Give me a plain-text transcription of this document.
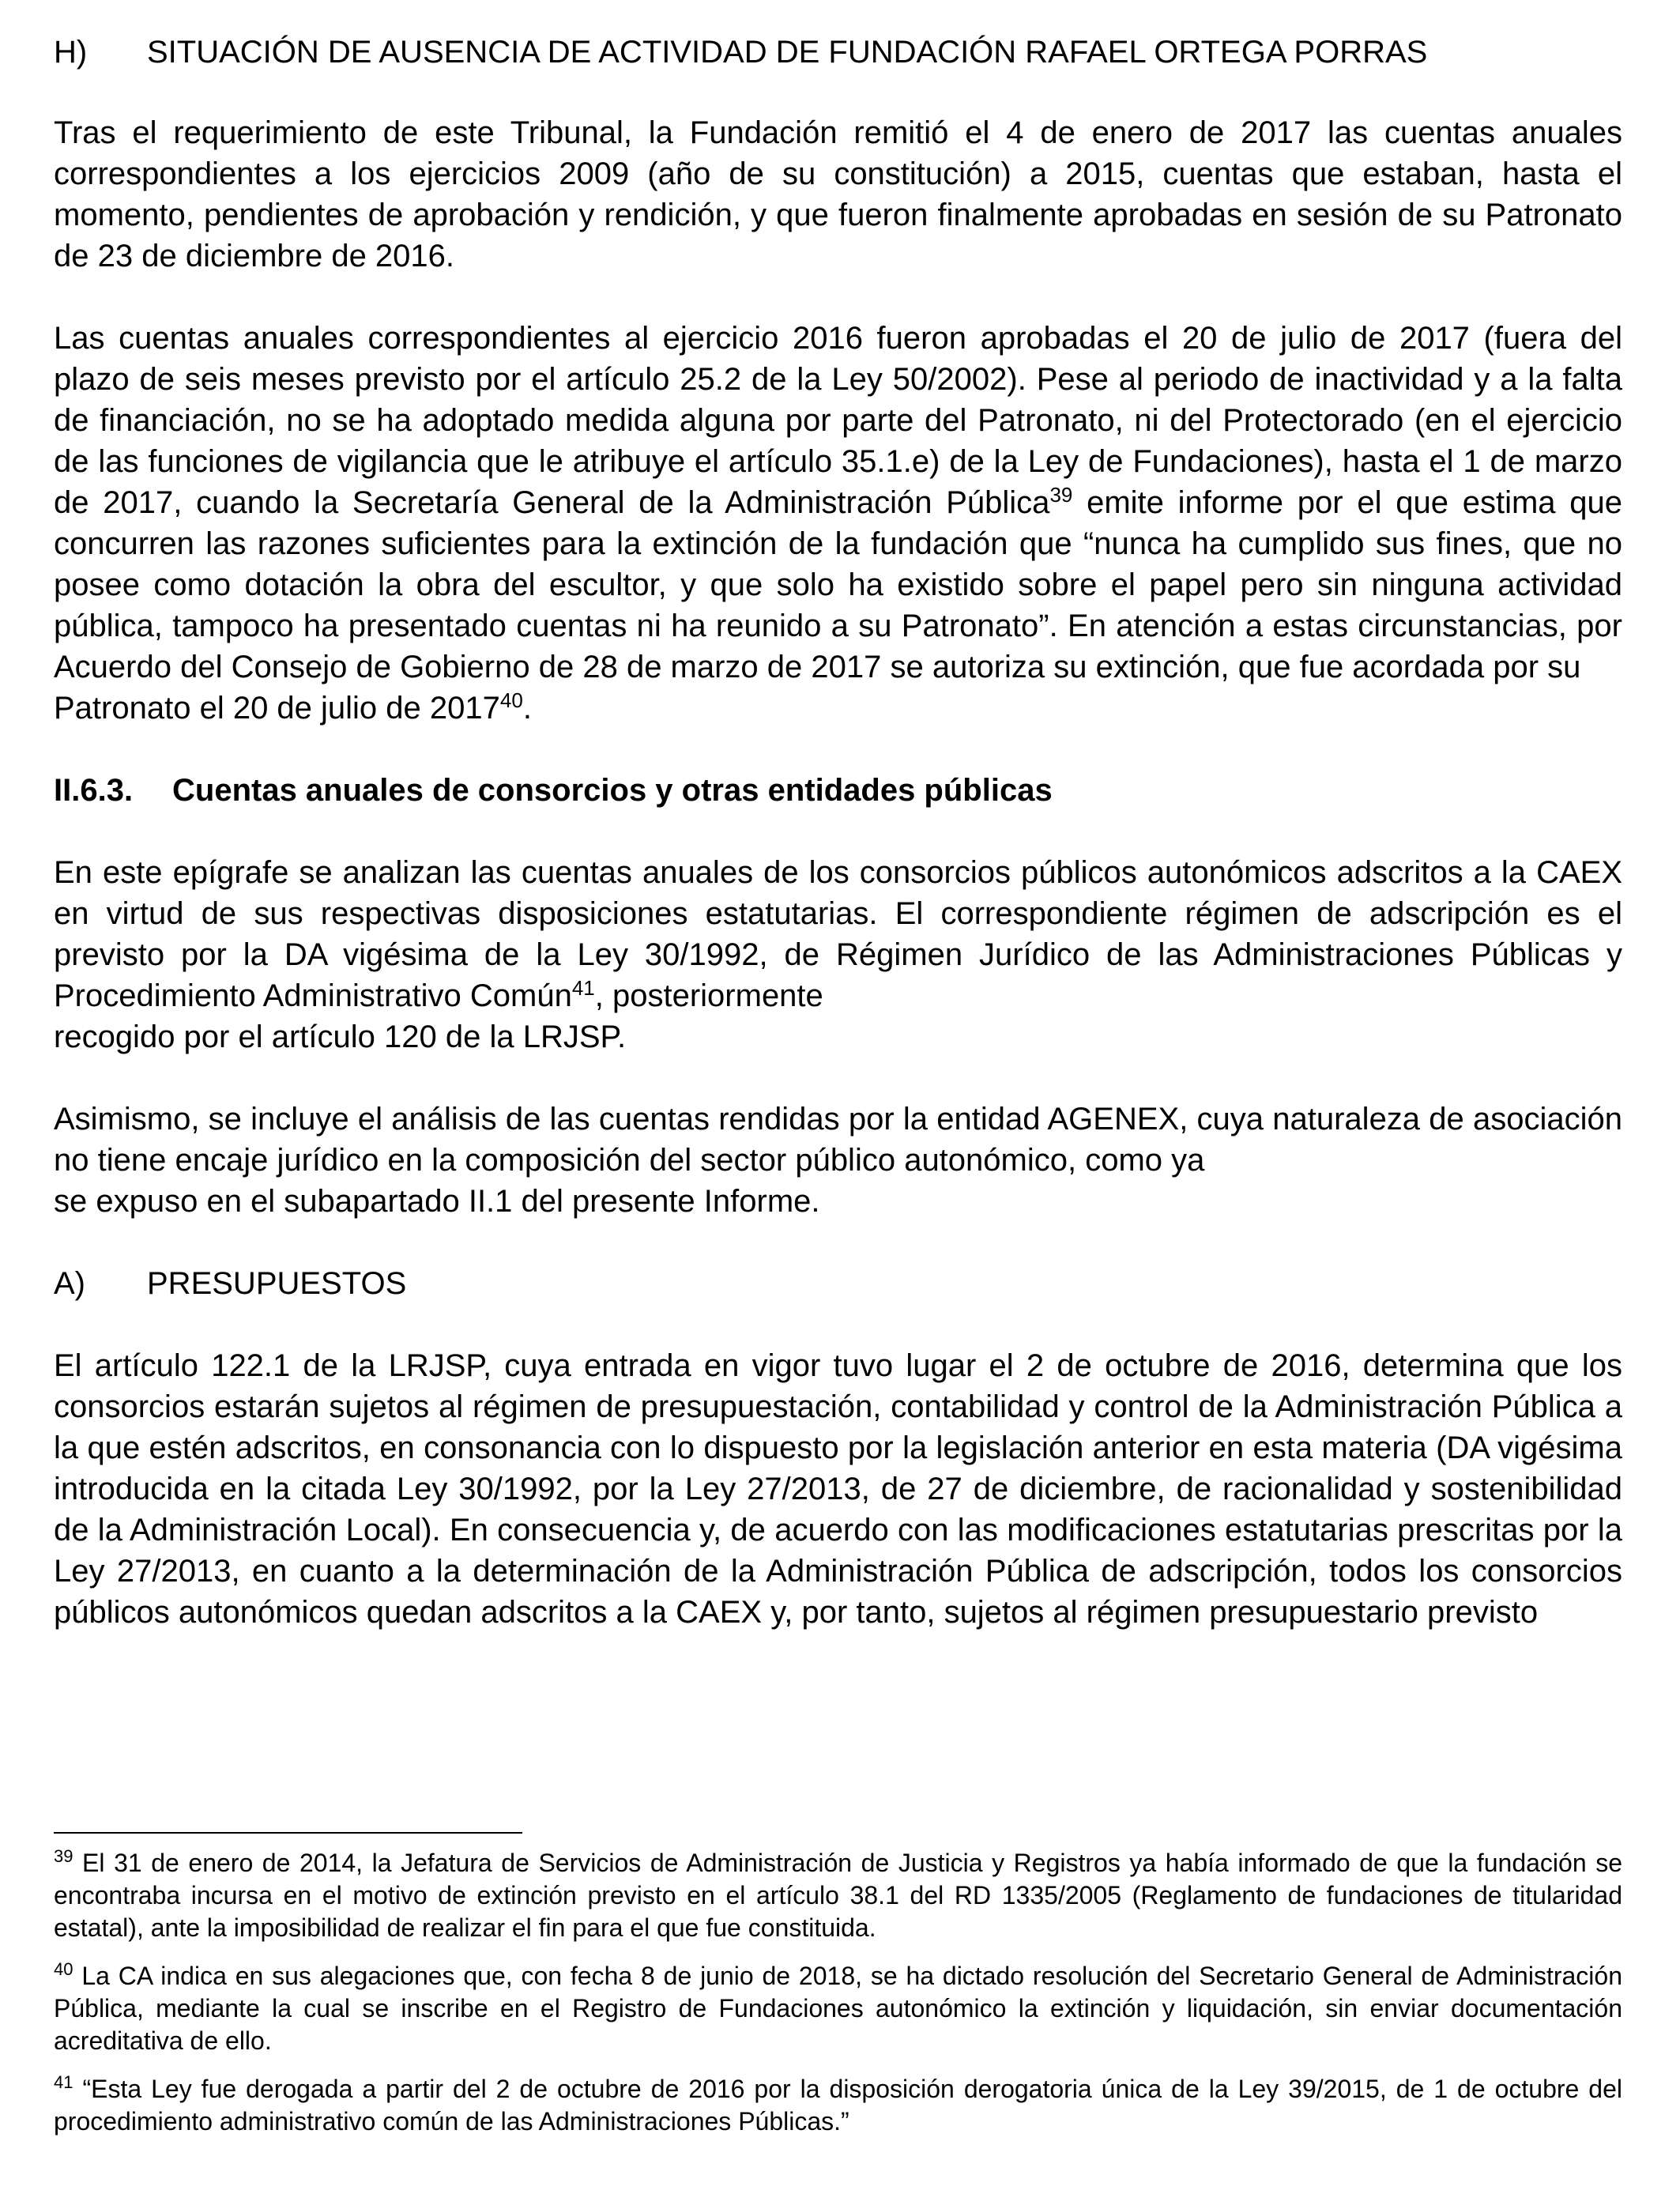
H) SITUACIÓN DE AUSENCIA DE ACTIVIDAD DE FUNDACIÓN RAFAEL ORTEGA PORRAS

Tras el requerimiento de este Tribunal, la Fundación remitió el 4 de enero de 2017 las cuentas anuales correspondientes a los ejercicios 2009 (año de su constitución) a 2015, cuentas que estaban, hasta el momento, pendientes de aprobación y rendición, y que fueron finalmente aprobadas en sesión de su Patronato de 23 de diciembre de 2016.

Las cuentas anuales correspondientes al ejercicio 2016 fueron aprobadas el 20 de julio de 2017 (fuera del plazo de seis meses previsto por el artículo 25.2 de la Ley 50/2002). Pese al periodo de inactividad y a la falta de financiación, no se ha adoptado medida alguna por parte del Patronato, ni del Protectorado (en el ejercicio de las funciones de vigilancia que le atribuye el artículo 35.1.e) de la Ley de Fundaciones), hasta el 1 de marzo de 2017, cuando la Secretaría General de la Administración Pública$^{39}$ emite informe por el que estima que concurren las razones suficientes para la extinción de la fundación que “nunca ha cumplido sus fines, que no posee como dotación la obra del escultor, y que solo ha existido sobre el papel pero sin ninguna actividad pública, tampoco ha presentado cuentas ni ha reunido a su Patronato”. En atención a estas circunstancias, por Acuerdo del Consejo de Gobierno de 28 de marzo de 2017 se autoriza su extinción, que fue acordada por su
Patronato el 20 de julio de 2017$^{40}$.

II.6.3. Cuentas anuales de consorcios y otras entidades públicas

En este epígrafe se analizan las cuentas anuales de los consorcios públicos autonómicos adscritos a la CAEX en virtud de sus respectivas disposiciones estatutarias. El correspondiente régimen de adscripción es el previsto por la DA vigésima de la Ley 30/1992, de Régimen Jurídico de las Administraciones Públicas y Procedimiento Administrativo Común$^{41}$, posteriormente
recogido por el artículo 120 de la LRJSP.

Asimismo, se incluye el análisis de las cuentas rendidas por la entidad AGENEX, cuya naturaleza de asociación no tiene encaje jurídico en la composición del sector público autonómico, como ya
se expuso en el subapartado II.1 del presente Informe.

A) PRESUPUESTOS

El artículo 122.1 de la LRJSP, cuya entrada en vigor tuvo lugar el 2 de octubre de 2016, determina que los consorcios estarán sujetos al régimen de presupuestación, contabilidad y control de la Administración Pública a la que estén adscritos, en consonancia con lo dispuesto por la legislación anterior en esta materia (DA vigésima introducida en la citada Ley 30/1992, por la Ley 27/2013, de 27 de diciembre, de racionalidad y sostenibilidad de la Administración Local). En consecuencia y, de acuerdo con las modificaciones estatutarias prescritas por la Ley 27/2013, en cuanto a la determinación de la Administración Pública de adscripción, todos los consorcios públicos autonómicos quedan adscritos a la CAEX y, por tanto, sujetos al régimen presupuestario previsto

$^{39}$ El 31 de enero de 2014, la Jefatura de Servicios de Administración de Justicia y Registros ya había informado de que la fundación se encontraba incursa en el motivo de extinción previsto en el artículo 38.1 del RD 1335/2005 (Reglamento de fundaciones de titularidad estatal), ante la imposibilidad de realizar el fin para el que fue constituida.

$^{40}$ La CA indica en sus alegaciones que, con fecha 8 de junio de 2018, se ha dictado resolución del Secretario General de Administración Pública, mediante la cual se inscribe en el Registro de Fundaciones autonómico la extinción y liquidación, sin enviar documentación acreditativa de ello.

$^{41}$ “Esta Ley fue derogada a partir del 2 de octubre de 2016 por la disposición derogatoria única de la Ley 39/2015, de 1 de octubre del procedimiento administrativo común de las Administraciones Públicas.”
